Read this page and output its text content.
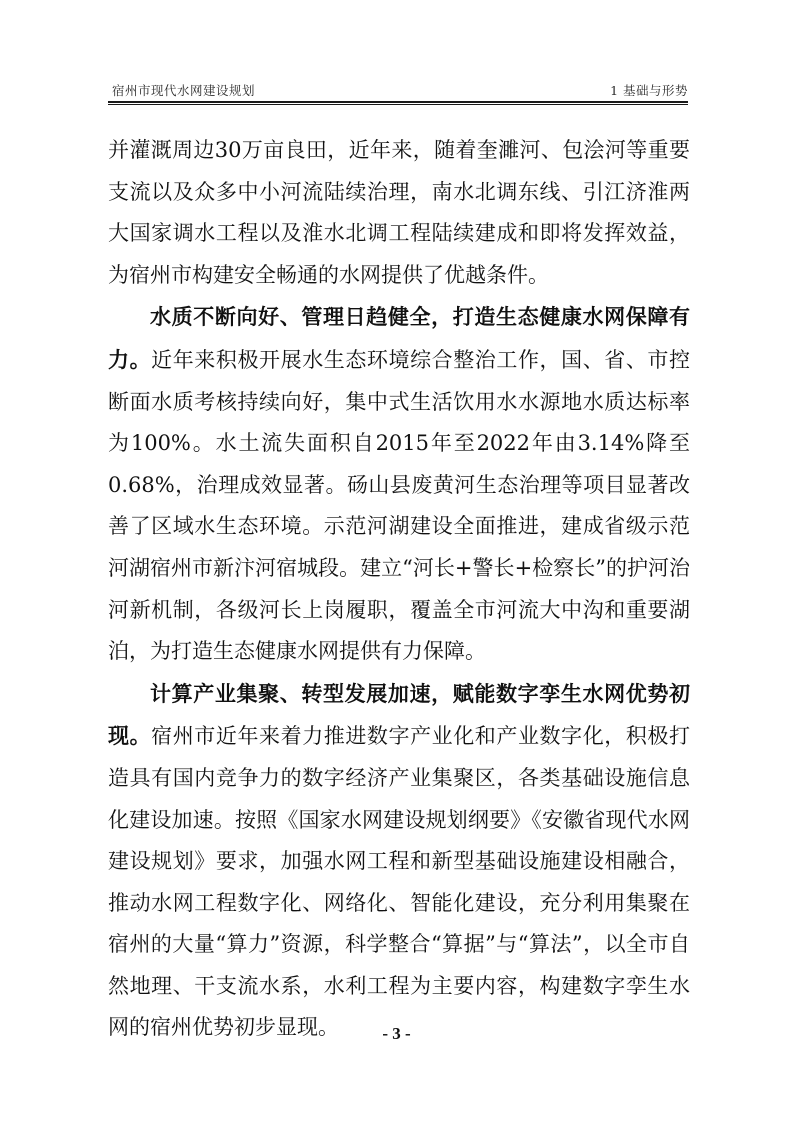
宿州市现代水网建设规划	1 基础与形势

并灌溉周边30万亩良田，近年来，随着奎濉河、包浍河等重要支流以及众多中小河流陆续治理，南水北调东线、引江济淮两大国家调水工程以及淮水北调工程陆续建成和即将发挥效益，为宿州市构建安全畅通的水网提供了优越条件。

水质不断向好、管理日趋健全，打造生态健康水网保障有力。近年来积极开展水生态环境综合整治工作，国、省、市控断面水质考核持续向好，集中式生活饮用水水源地水质达标率为100%。水土流失面积自2015年至2022年由3.14%降至0.68%，治理成效显著。砀山县废黄河生态治理等项目显著改善了区域水生态环境。示范河湖建设全面推进，建成省级示范河湖宿州市新汴河宿城段。建立“河长+警长+检察长”的护河治河新机制，各级河长上岗履职，覆盖全市河流大中沟和重要湖泊，为打造生态健康水网提供有力保障。

计算产业集聚、转型发展加速，赋能数字孪生水网优势初现。宿州市近年来着力推进数字产业化和产业数字化，积极打造具有国内竞争力的数字经济产业集聚区，各类基础设施信息化建设加速。按照《国家水网建设规划纲要》《安徽省现代水网建设规划》要求，加强水网工程和新型基础设施建设相融合，推动水网工程数字化、网络化、智能化建设，充分利用集聚在宿州的大量“算力”资源，科学整合“算据”与“算法”，以全市自然地理、干支流水系，水利工程为主要内容，构建数字孪生水网的宿州优势初步显现。	- 3 -
